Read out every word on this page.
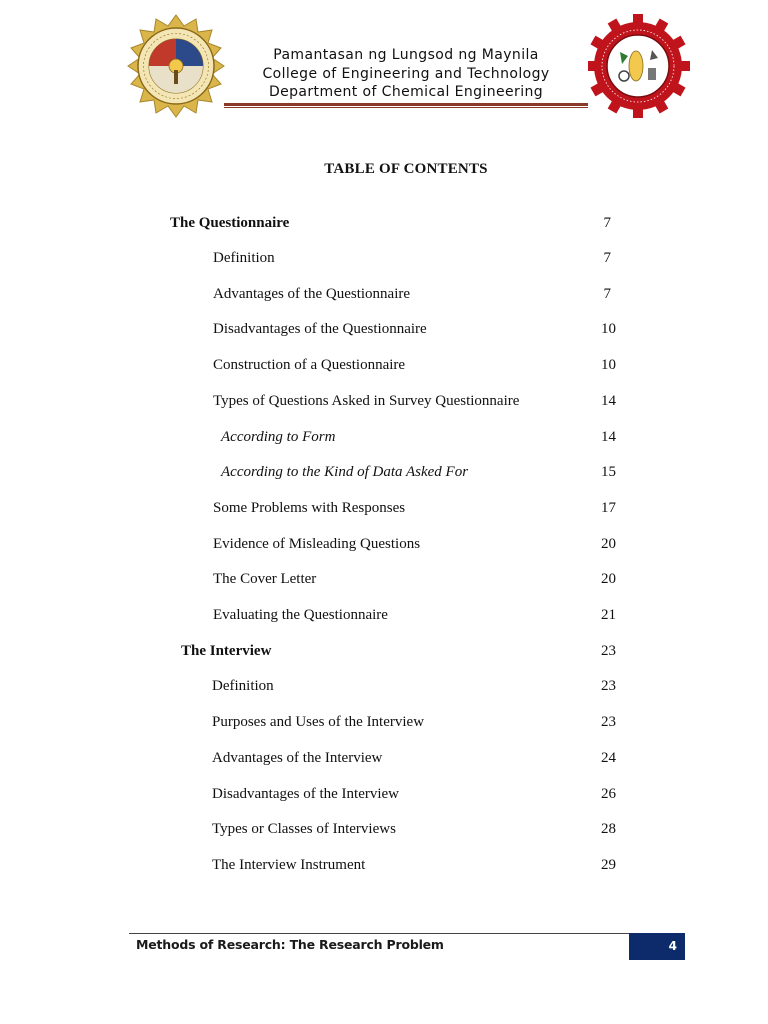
Pamantasan ng Lungsod ng Maynila
College of Engineering and Technology
Department of Chemical Engineering
TABLE OF CONTENTS
The Questionnaire	7
Definition	7
Advantages of the Questionnaire	7
Disadvantages of the Questionnaire	10
Construction of a Questionnaire	10
Types of Questions Asked in Survey Questionnaire	14
According to Form	14
According to the Kind of Data Asked For	15
Some Problems with Responses	17
Evidence of Misleading Questions	20
The Cover Letter	20
Evaluating the Questionnaire	21
The Interview	23
Definition	23
Purposes and Uses of the Interview	23
Advantages of the Interview	24
Disadvantages of the Interview	26
Types or Classes of Interviews	28
The Interview Instrument	29
Methods of Research: The Research Problem	4
